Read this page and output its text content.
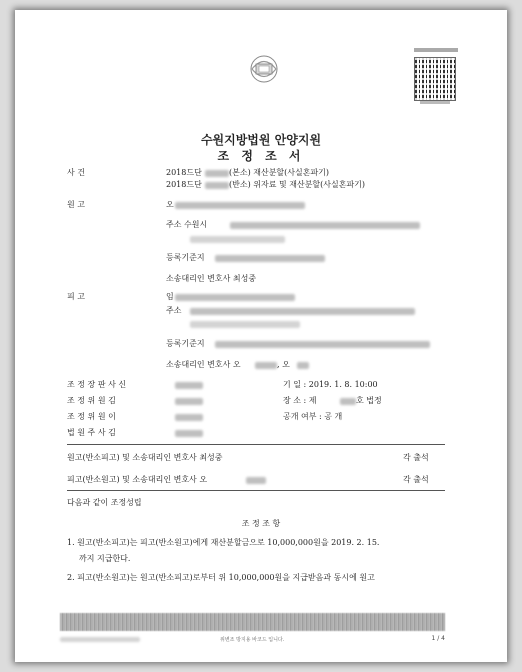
수원지방법원 안양지원
조 정 조 서
사 건	2018드단	(본소) 재산분할(사실혼파기)
2018드단	(반소) 위자료 및 재산분할(사실혼파기)
원 고	오
주소 수원시
등록기준지
소송대리인 변호사 최성중
피 고	임
주소
등록기준지
소송대리인 변호사 오	, 오
조 정 장 판 사 신	기 일 : 2019. 1. 8. 10:00
조 정 위 원 김	장 소 : 제	호 법정
조 정 위 원 이	공개 여부 : 공 개
법 원 주 사 김
원고(반소피고) 및 소송대리인 변호사 최성중	각 출석
피고(반소원고) 및 소송대리인 변호사 오	각 출석
다음과 같이 조정성립
조 정 조 항
1. 원고(반소피고)는 피고(반소원고)에게 재산분할금으로 10,000,000원을 2019. 2. 15.
까지 지급한다.
2. 피고(반소원고)는 원고(반소피고)로부터 위 10,000,000원을 지급받음과 동시에 원고
위변조 방지용 바코드 입니다.	1 / 4
